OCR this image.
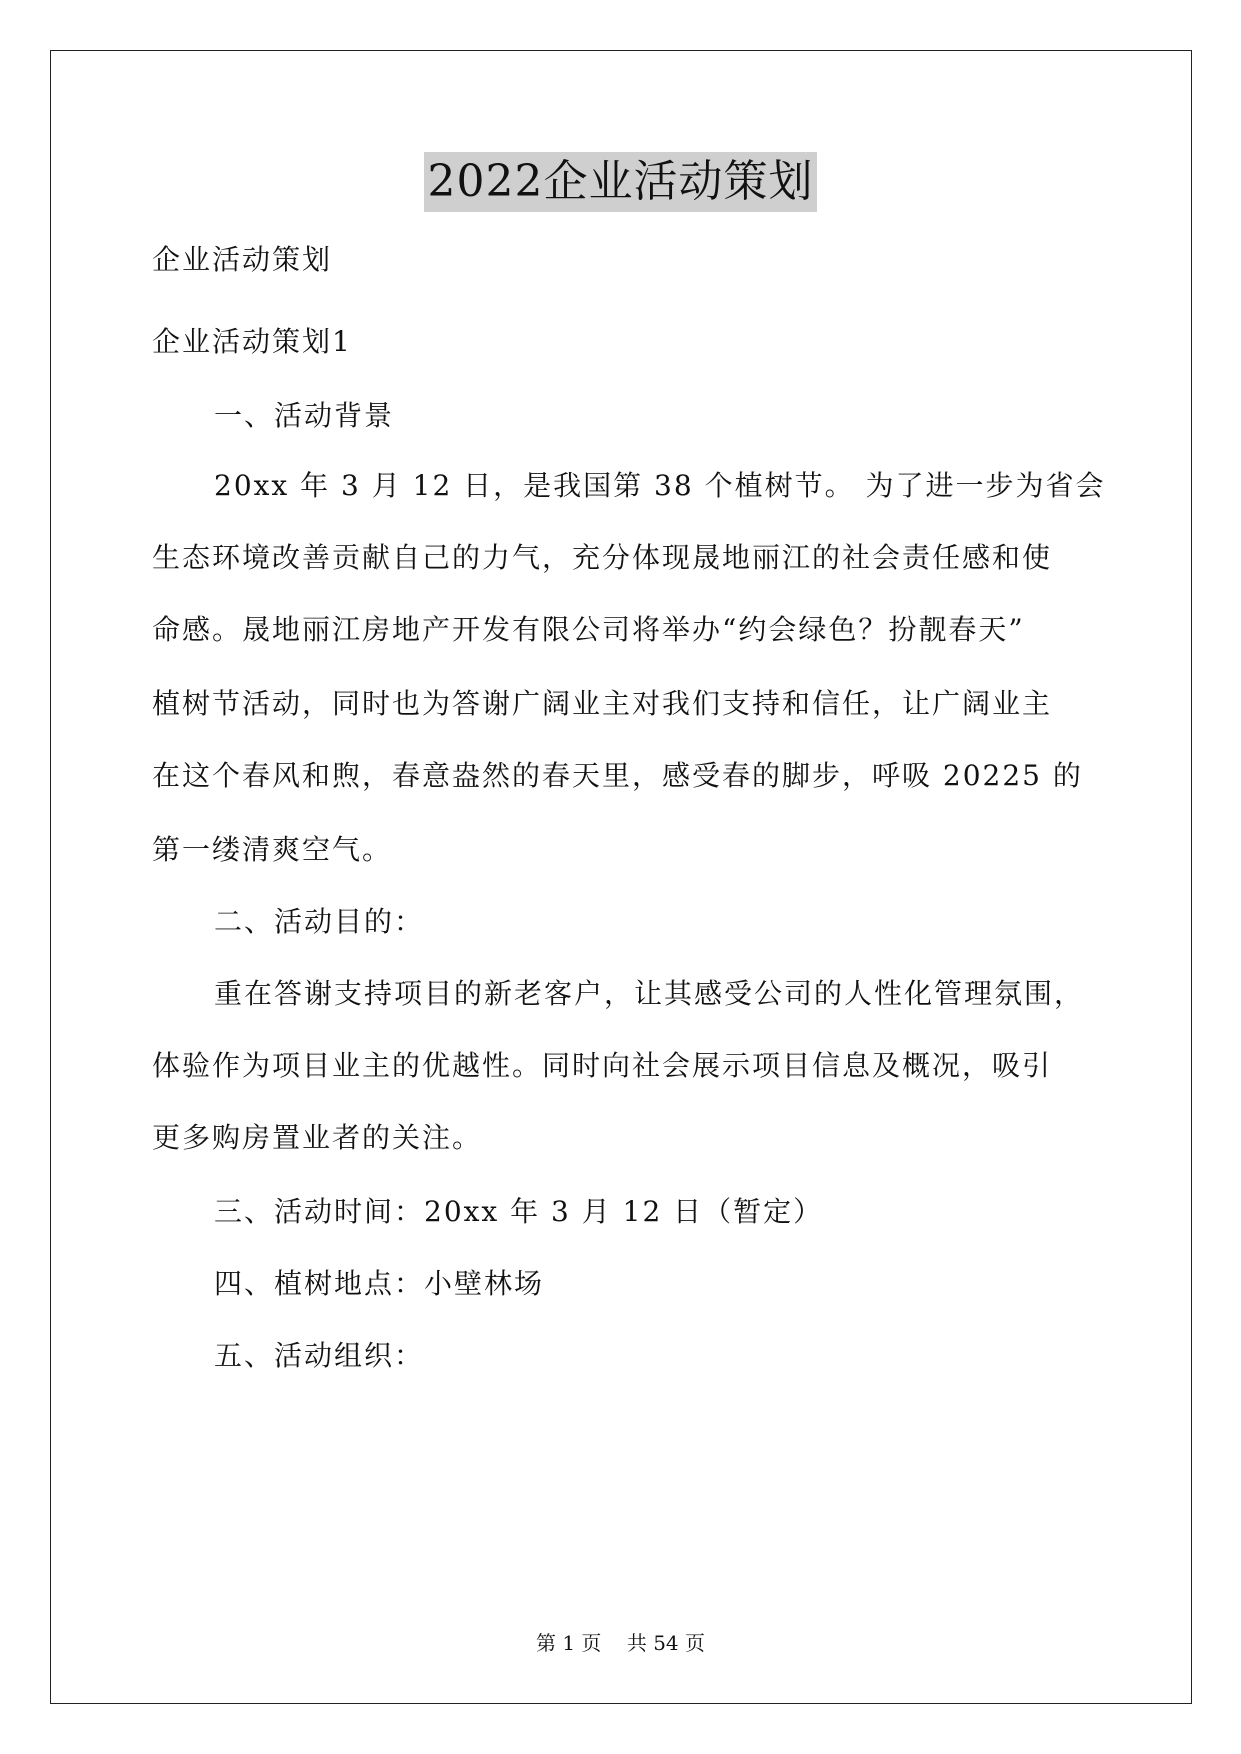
2022企业活动策划
企业活动策划
企业活动策划1
一、活动背景
20xx 年 3 月 12 日，是我国第 38 个植树节。 为了进一步为省会
生态环境改善贡献自己的力气，充分体现晟地丽江的社会责任感和使
命感。晟地丽江房地产开发有限公司将举办“约会绿色？扮靓春天”
植树节活动，同时也为答谢广阔业主对我们支持和信任，让广阔业主
在这个春风和煦，春意盎然的春天里，感受春的脚步，呼吸 20225 的
第一缕清爽空气。
二、活动目的：
重在答谢支持项目的新老客户，让其感受公司的人性化管理氛围，
体验作为项目业主的优越性。同时向社会展示项目信息及概况，吸引
更多购房置业者的关注。
三、活动时间：20xx 年 3 月 12 日（暂定）
四、植树地点：小壁林场
五、活动组织：
第 1 页    共 54 页
